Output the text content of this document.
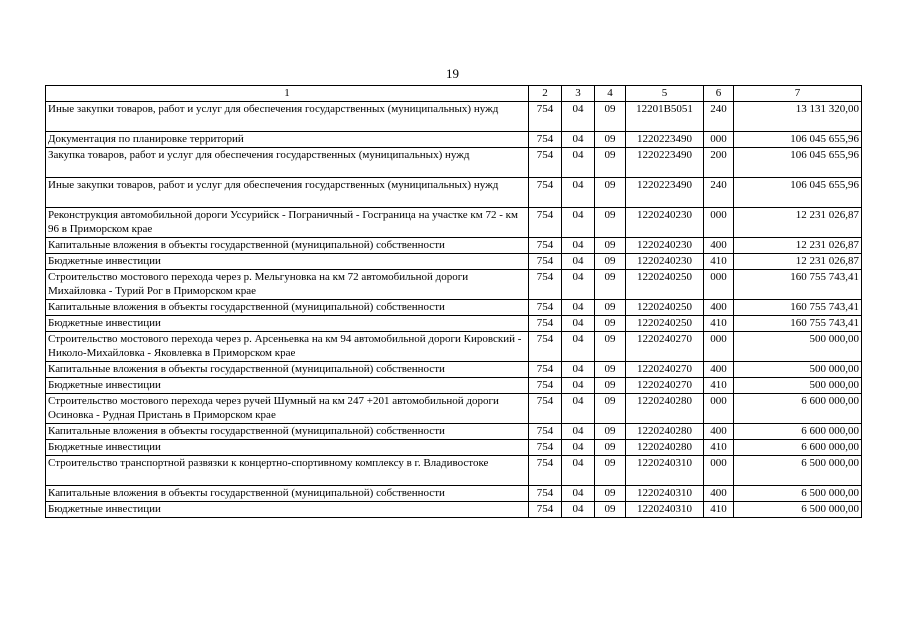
19
1	2	3	4	5	6	7
Иные закупки товаров, работ и услуг для обеспечения государственных (муниципальных) нужд	754	04	09	12201B5051	240	13 131 320,00
Документация по планировке территорий	754	04	09	1220223490	000	106 045 655,96
Закупка товаров, работ и услуг для обеспечения государственных (муниципальных) нужд	754	04	09	1220223490	200	106 045 655,96
Иные закупки товаров, работ и услуг для обеспечения государственных (муниципальных) нужд	754	04	09	1220223490	240	106 045 655,96
Реконструкция автомобильной дороги Уссурийск - Пограничный - Госграница на участке км 72 - км 96 в Приморском крае	754	04	09	1220240230	000	12 231 026,87
Капитальные вложения в объекты государственной (муниципальной) собственности	754	04	09	1220240230	400	12 231 026,87
Бюджетные инвестиции	754	04	09	1220240230	410	12 231 026,87
Строительство мостового перехода через р. Мельгуновка на км 72 автомобильной дороги Михайловка - Турий Рог в Приморском крае	754	04	09	1220240250	000	160 755 743,41
Капитальные вложения в объекты государственной (муниципальной) собственности	754	04	09	1220240250	400	160 755 743,41
Бюджетные инвестиции	754	04	09	1220240250	410	160 755 743,41
Строительство мостового перехода через р. Арсеньевка на км 94 автомобильной дороги Кировский - Николо-Михайловка - Яковлевка в Приморском крае	754	04	09	1220240270	000	500 000,00
Капитальные вложения в объекты государственной (муниципальной) собственности	754	04	09	1220240270	400	500 000,00
Бюджетные инвестиции	754	04	09	1220240270	410	500 000,00
Строительство мостового перехода через ручей Шумный на км 247 +201 автомобильной дороги Осиновка - Рудная Пристань в Приморском крае	754	04	09	1220240280	000	6 600 000,00
Капитальные вложения в объекты государственной (муниципальной) собственности	754	04	09	1220240280	400	6 600 000,00
Бюджетные инвестиции	754	04	09	1220240280	410	6 600 000,00
Строительство транспортной развязки к концертно-спортивному комплексу в г. Владивостоке	754	04	09	1220240310	000	6 500 000,00
Капитальные вложения в объекты государственной (муниципальной) собственности	754	04	09	1220240310	400	6 500 000,00
Бюджетные инвестиции	754	04	09	1220240310	410	6 500 000,00
